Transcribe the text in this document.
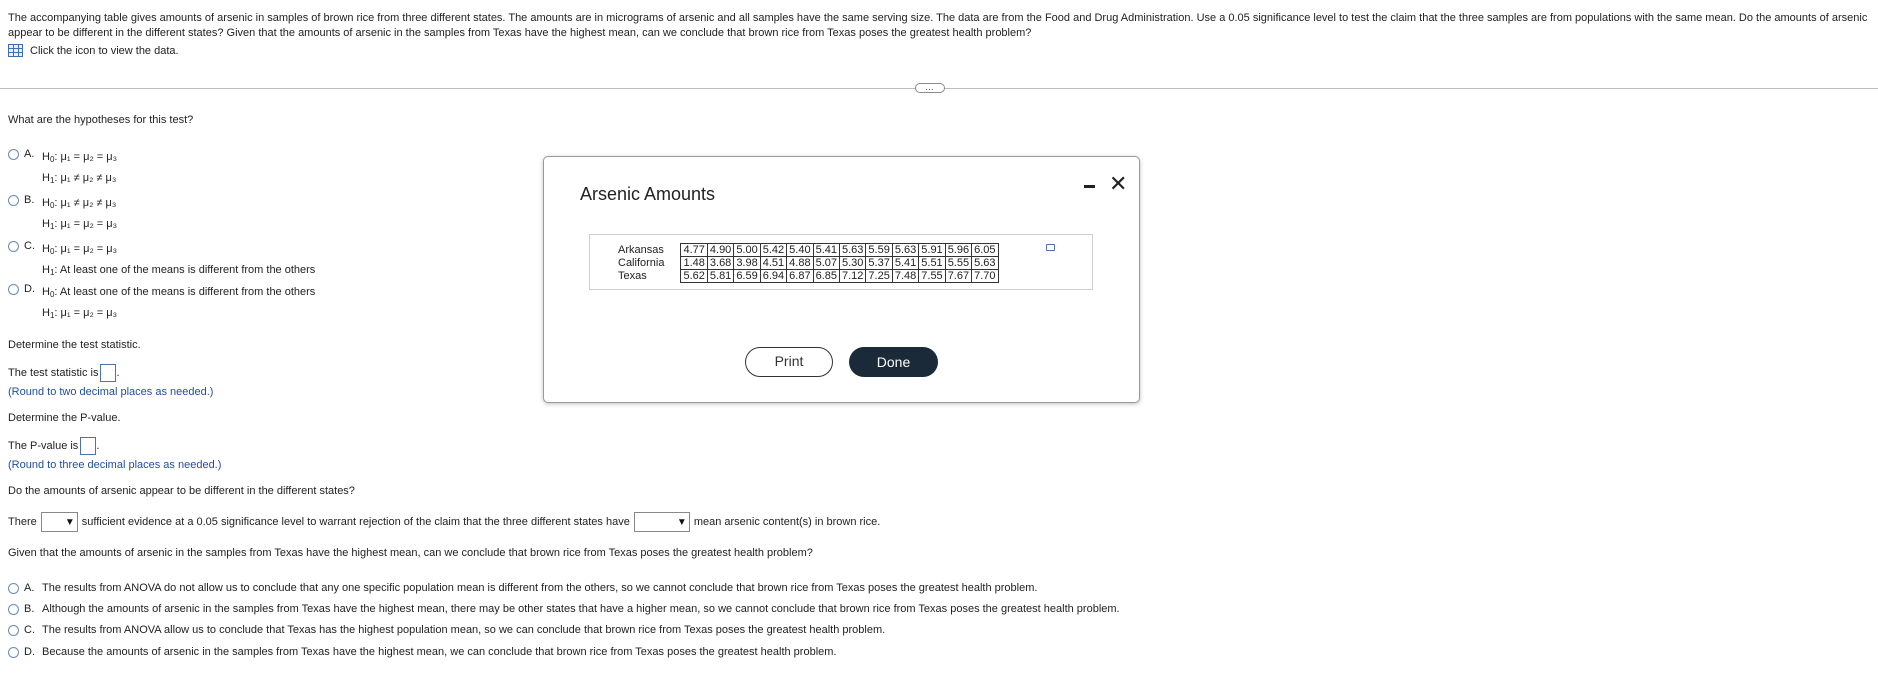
The accompanying table gives amounts of arsenic in samples of brown rice from three different states. The amounts are in micrograms of arsenic and all samples have the same serving size. The data are from the Food and Drug Administration. Use a 0.05 significance level to test the claim that the three samples are from populations with the same mean. Do the amounts of arsenic appear to be different in the different states? Given that the amounts of arsenic in the samples from Texas have the highest mean, can we conclude that brown rice from Texas poses the greatest health problem?
Click the icon to view the data.
…
What are the hypotheses for this test?
A. $H_0$: μ₁ = μ₂ = μ₃
$H_1$: μ₁ ≠ μ₂ ≠ μ₃
B. $H_0$: μ₁ ≠ μ₂ ≠ μ₃
$H_1$: μ₁ = μ₂ = μ₃
C. $H_0$: μ₁ = μ₂ = μ₃
$H_1$: At least one of the means is different from the others
D. $H_0$: At least one of the means is different from the others
$H_1$: μ₁ = μ₂ = μ₃
Determine the test statistic.
The test statistic is .
(Round to two decimal places as needed.)
Determine the P-value.
The P-value is .
(Round to three decimal places as needed.)
Do the amounts of arsenic appear to be different in the different states?
There	▼ sufficient evidence at a 0.05 significance level to warrant rejection of the claim that the three different states have	▼ mean arsenic content(s) in brown rice.
Given that the amounts of arsenic in the samples from Texas have the highest mean, can we conclude that brown rice from Texas poses the greatest health problem?
A. The results from ANOVA do not allow us to conclude that any one specific population mean is different from the others, so we cannot conclude that brown rice from Texas poses the greatest health problem.
B. Although the amounts of arsenic in the samples from Texas have the highest mean, there may be other states that have a higher mean, so we cannot conclude that brown rice from Texas poses the greatest health problem.
C. The results from ANOVA allow us to conclude that Texas has the highest population mean, so we can conclude that brown rice from Texas poses the greatest health problem.
D. Because the amounts of arsenic in the samples from Texas have the highest mean, we can conclude that brown rice from Texas poses the greatest health problem.
Arsenic Amounts	✕
Arkansas	4.77	4.90	5.00	5.42	5.40	5.41	5.63	5.59	5.63	5.91	5.96	6.05
California	1.48	3.68	3.98	4.51	4.88	5.07	5.30	5.37	5.41	5.51	5.55	5.63
Texas	5.62	5.81	6.59	6.94	6.87	6.85	7.12	7.25	7.48	7.55	7.67	7.70
Print	Done
